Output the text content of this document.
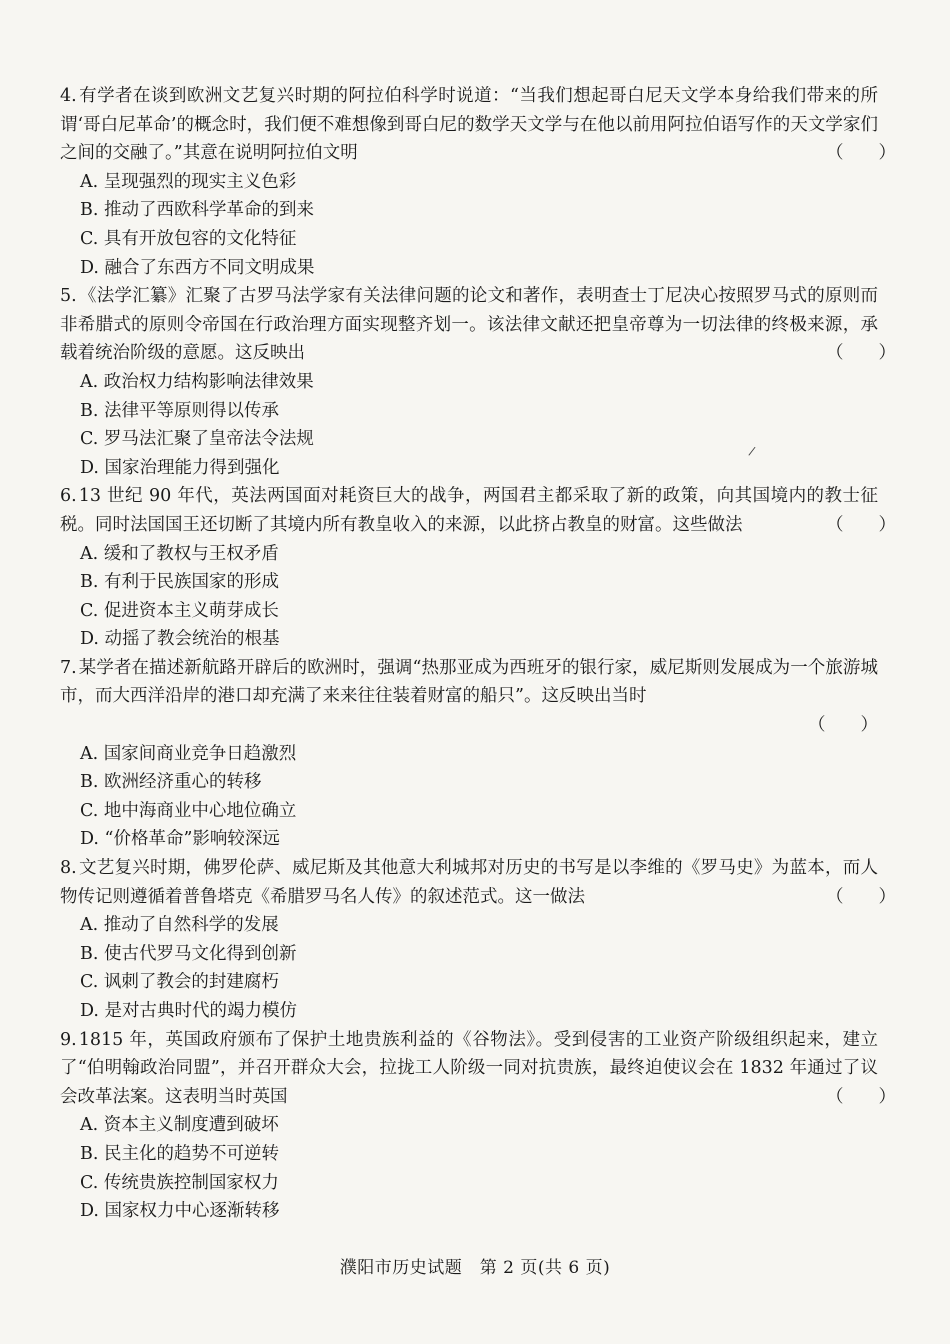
4. 有学者在谈到欧洲文艺复兴时期的阿拉伯科学时说道：“当我们想起哥白尼天文学本身给我们带来的所谓‘哥白尼革命’的概念时，我们便不难想像到哥白尼的数学天文学与在他以前用阿拉伯语写作的天文学家们之间的交融了。”其意在说明阿拉伯文明	（　　）

A. 呈现强烈的现实主义色彩
B. 推动了西欧科学革命的到来
C. 具有开放包容的文化特征
D. 融合了东西方不同文明成果

5. 《法学汇纂》汇聚了古罗马法学家有关法律问题的论文和著作，表明查士丁尼决心按照罗马式的原则而非希腊式的原则令帝国在行政治理方面实现整齐划一。该法律文献还把皇帝尊为一切法律的终极来源，承载着统治阶级的意愿。这反映出	（　　）

A. 政治权力结构影响法律效果
B. 法律平等原则得以传承
C. 罗马法汇聚了皇帝法令法规
D. 国家治理能力得到强化

6. 13 世纪 90 年代，英法两国面对耗资巨大的战争，两国君主都采取了新的政策，向其国境内的教士征税。同时法国国王还切断了其境内所有教皇收入的来源，以此挤占教皇的财富。这些做法	（　　）

A. 缓和了教权与王权矛盾
B. 有利于民族国家的形成
C. 促进资本主义萌芽成长
D. 动摇了教会统治的根基

7. 某学者在描述新航路开辟后的欧洲时，强调“热那亚成为西班牙的银行家，威尼斯则发展成为一个旅游城市，而大西洋沿岸的港口却充满了来来往往装着财富的船只”。这反映出当时

（　　）
A. 国家间商业竞争日趋激烈
B. 欧洲经济重心的转移
C. 地中海商业中心地位确立
D. “价格革命”影响较深远

8. 文艺复兴时期，佛罗伦萨、威尼斯及其他意大利城邦对历史的书写是以李维的《罗马史》为蓝本，而人物传记则遵循着普鲁塔克《希腊罗马名人传》的叙述范式。这一做法	（　　）

A. 推动了自然科学的发展
B. 使古代罗马文化得到创新
C. 讽刺了教会的封建腐朽
D. 是对古典时代的竭力模仿

9. 1815 年，英国政府颁布了保护土地贵族利益的《谷物法》。受到侵害的工业资产阶级组织起来，建立了“伯明翰政治同盟”，并召开群众大会，拉拢工人阶级一同对抗贵族，最终迫使议会在 1832 年通过了议会改革法案。这表明当时英国	（　　）

A. 资本主义制度遭到破坏
B. 民主化的趋势不可逆转
C. 传统贵族控制国家权力
D. 国家权力中心逐渐转移
/
濮阳市历史试题　第 2 页(共 6 页)
